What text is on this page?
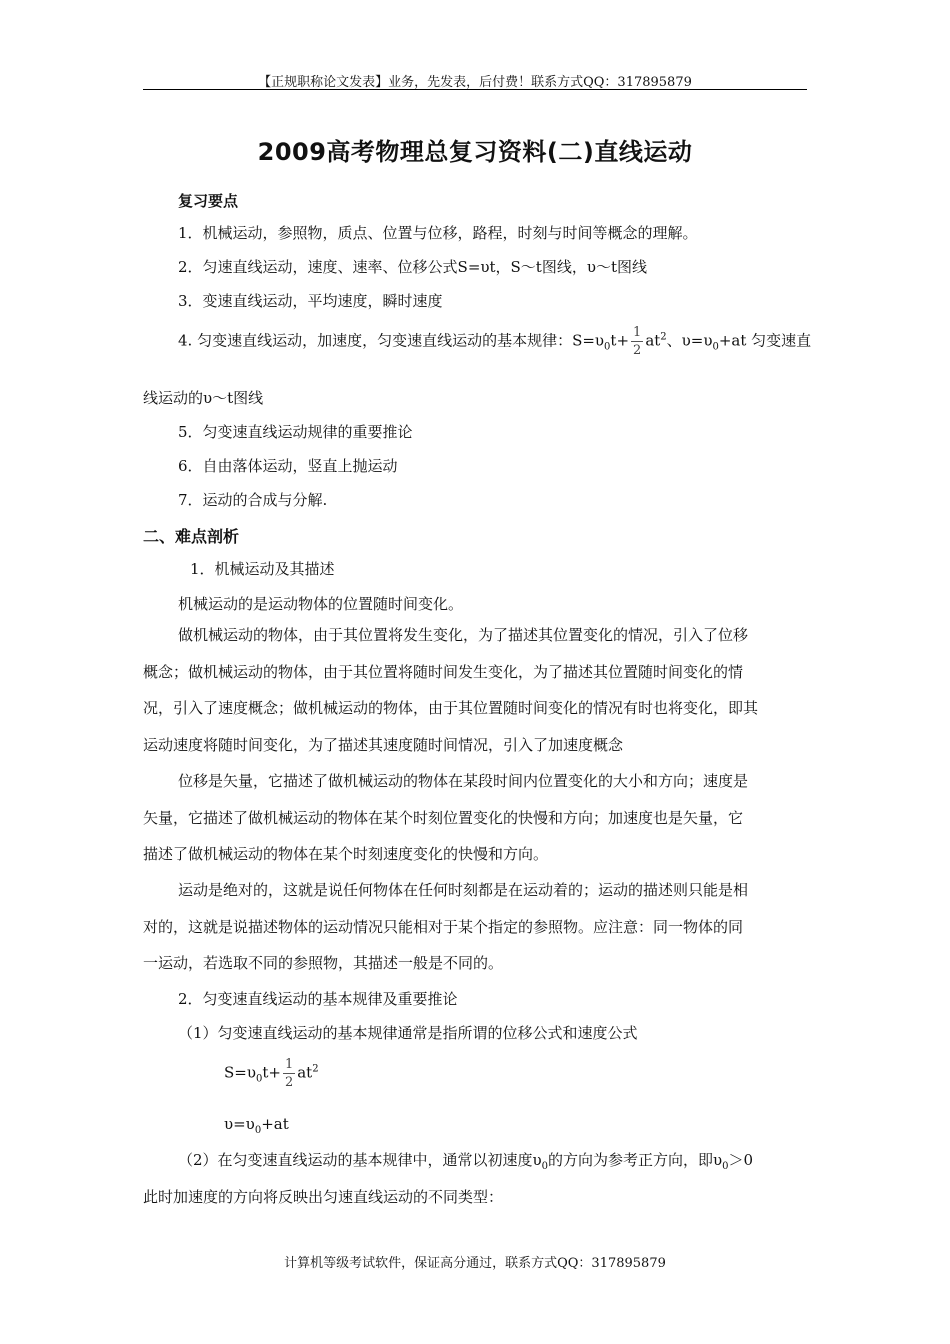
【正规职称论文发表】业务，先发表，后付费！联系方式QQ：317895879
2009高考物理总复习资料(二)直线运动
复习要点
1．机械运动，参照物，质点、位置与位移，路程，时刻与时间等概念的理解。
2．匀速直线运动，速度、速率、位移公式S=υt，S～t图线，υ～t图线
3．变速直线运动，平均速度，瞬时速度
4. 匀变速直线运动，加速度，匀变速直线运动的基本规律：$S=\upsilon_0t+ \frac{1}{2} at^2$、$\upsilon=\upsilon_0+at$ 匀变速直
线运动的υ～t图线
5．匀变速直线运动规律的重要推论
6．自由落体运动，竖直上抛运动
7．运动的合成与分解.
二、难点剖析
1．机械运动及其描述
机械运动的是运动物体的位置随时间变化。
做机械运动的物体，由于其位置将发生变化，为了描述其位置变化的情况，引入了位移
概念；做机械运动的物体，由于其位置将随时间发生变化，为了描述其位置随时间变化的情
况，引入了速度概念；做机械运动的物体，由于其位置随时间变化的情况有时也将变化，即其
运动速度将随时间变化，为了描述其速度随时间情况，引入了加速度概念
位移是矢量，它描述了做机械运动的物体在某段时间内位置变化的大小和方向；速度是
矢量，它描述了做机械运动的物体在某个时刻位置变化的快慢和方向；加速度也是矢量，它
描述了做机械运动的物体在某个时刻速度变化的快慢和方向。
运动是绝对的，这就是说任何物体在任何时刻都是在运动着的；运动的描述则只能是相
对的，这就是说描述物体的运动情况只能相对于某个指定的参照物。应注意：同一物体的同
一运动，若选取不同的参照物，其描述一般是不同的。
2．匀变速直线运动的基本规律及重要推论
（1）匀变速直线运动的基本规律通常是指所谓的位移公式和速度公式
$S=\upsilon_0t+ \frac{1}{2} at^2$
$\upsilon=\upsilon_0+at$
（2）在匀变速直线运动的基本规律中，通常以初速度$\upsilon_0$的方向为参考正方向，即$\upsilon_0>0$
此时加速度的方向将反映出匀速直线运动的不同类型：
计算机等级考试软件，保证高分通过，联系方式QQ：317895879
